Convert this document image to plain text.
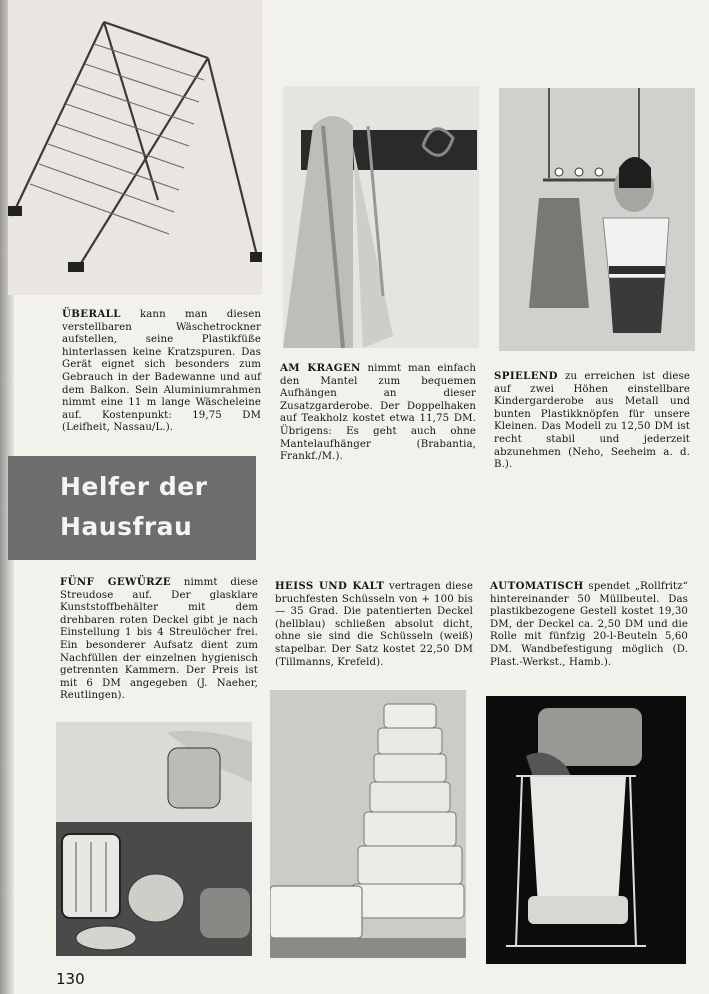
ÜBERALL kann man diesen verstellbaren Wäschetrockner aufstellen, seine Plastikfüße hinterlassen keine Kratzspuren. Das Gerät eignet sich besonders zum Gebrauch in der Badewanne und auf dem Balkon. Sein Aluminiumrahmen nimmt eine 11 m lange Wäscheleine auf. Kostenpunkt: 19,75 DM (Leifheit, Nassau/L.).
AM KRAGEN nimmt man einfach den Mantel zum bequemen Aufhängen an dieser Zusatzgarderobe. Der Doppelhaken auf Teakholz kostet etwa 11,75 DM. Übrigens: Es geht auch ohne Mantelaufhänger (Brabantia, Frankf./M.).
SPIELEND zu erreichen ist diese auf zwei Höhen einstellbare Kindergarderobe aus Metall und bunten Plastikknöpfen für unsere Kleinen. Das Modell zu 12,50 DM ist recht stabil und jederzeit abzunehmen (Neho, Seeheim a. d. B.).
Helfer der
Hausfrau
FÜNF GEWÜRZE nimmt diese Streudose auf. Der glasklare Kunststoffbehälter mit dem drehbaren roten Deckel gibt je nach Einstellung 1 bis 4 Streulöcher frei. Ein besonderer Aufsatz dient zum Nachfüllen der einzelnen hygienisch getrennten Kammern. Der Preis ist mit 6 DM angegeben (J. Naeher, Reutlingen).
HEISS UND KALT vertragen diese bruchfesten Schüsseln von + 100 bis — 35 Grad. Die patentierten Deckel (hellblau) schließen absolut dicht, ohne sie sind die Schüsseln (weiß) stapelbar. Der Satz kostet 22,50 DM (Tillmanns, Krefeld).
AUTOMATISCH spendet „Rollfritz“ hintereinander 50 Müllbeutel. Das plastikbezogene Gestell kostet 19,30 DM, der Deckel ca. 2,50 DM und die Rolle mit fünfzig 20-l-Beuteln 5,60 DM. Wandbefestigung möglich (D. Plast.-Werkst., Hamb.).
130
